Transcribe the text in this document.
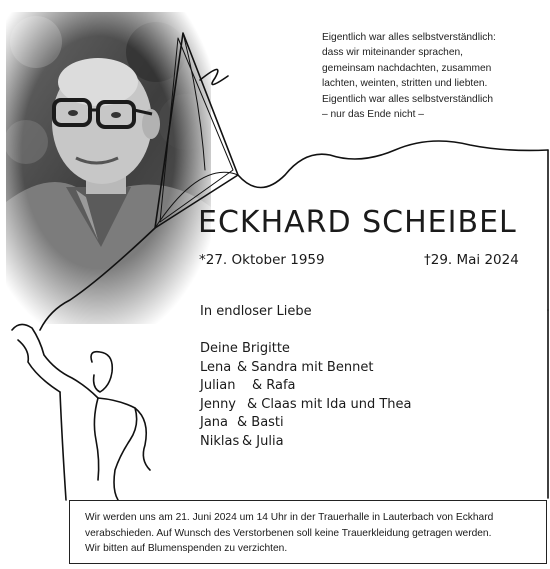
Eigentlich war alles selbstverständlich:
dass wir miteinander sprachen,
gemeinsam nachdachten, zusammen
lachten, weinten, stritten und liebten.
Eigentlich war alles selbstverständlich
– nur das Ende nicht –
ECKHARD SCHEIBEL
*27. Oktober 1959	†29. Mai 2024
In endloser Liebe
Deine Brigitte
Lena & Sandra mit Bennet
Julian & Rafa
Jenny & Claas mit Ida und Thea
Jana & Basti
Niklas & Julia
Wir werden uns am 21. Juni 2024 um 14 Uhr in der Trauerhalle in Lauterbach von Eckhard
verabschieden. Auf Wunsch des Verstorbenen soll keine Trauerkleidung getragen werden.
Wir bitten auf Blumenspenden zu verzichten.
